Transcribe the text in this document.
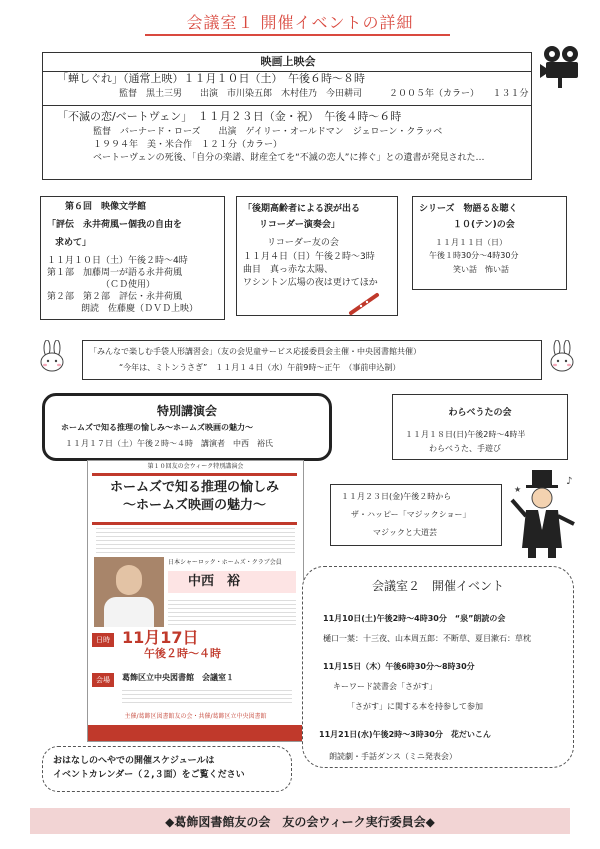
会議室１ 開催イベントの詳細
映画上映会
「蝉しぐれ」（通常上映）１１月１０日（土）　午後６時～８時
監督　黒土三男　　出演　市川染五郎　木村佳乃　今田耕司　　　２００５年（カラー）　　１３１分
「不滅の恋/ベートヴェン」　１１月２３日（金・祝）　午後４時～６時
監督　バーナード・ローズ　　出演　ゲイリー・オールドマン　ジェローン・クラッベ
１９９４年　美・米合作　１２１分（カラー）
ベートーヴェンの死後、「自分の楽譜、財産全てを“不滅の恋人”に捧ぐ」との遺書が発見された…
第６回　映像文学館
「評伝　永井荷風ー個我の自由を
求めて」
１１月１０日（土）午後２時～4時
第１部　加藤周一が語る永井荷風
（ＣＤ使用）
第２部　第２部　評伝・永井荷風
朗読　佐藤慶（ＤＶＤ上映）
「後期高齢者による涙が出る
リコーダー演奏会」
リコーダー友の会
１１月４日（日）午後２時～3時
曲目　真っ赤な太陽、
ワシントン広場の夜は更けてほか
シリーズ　物語る＆聴く
１０(テン)の会
１１月１１日（日）
午後１時30分～4時30分
笑い話　怖い話
「みんなで楽しむ手袋人形講習会」（友の会児童サービス応援委員会主催・中央図書館共催）
“今年は、ミトンうさぎ”　１１月１４日（水）午前9時～正午　（事前申込制）
特別講演会
ホームズで知る推理の愉しみ～ホームズ映画の魅力～
１１月１７日（土）午後２時～４時　講演者　中西　裕氏
第１０回友の会ウィーク特別講演会
ホームズで知る推理の愉しみ
～ホームズ映画の魅力～
日本シャーロック・ホームズ・クラブ会員
中西　裕
日時 11月17日
午後２時～４時
会場	葛飾区立中央図書館　会議室１
主催/葛飾区図書館友の会・共催/葛飾区立中央図書館
わらべうたの会
１１月１８日(日)午後2時～4時半
わらべうた、手遊び
１１月２３日(金)午後２時から
ザ・ハッピー「マジックショー」
マジックと大道芸
♪
★
会議室２　開催イベント
11月10日(土)午後2時～4時30分　“泉”朗読の会
樋口一葉：十三夜、山本周五郎：不断草、夏目漱石：草枕
11月15日（木）午後6時30分～8時30分
キーワード読書会「さがす」
「さがす」に関する本を持参して参加
11月21日(水)午後2時～3時30分　花だいこん
朗読劇・手話ダンス（ミニ発表会）
おはなしのへやでの開催スケジュールは
イベントカレンダー（２,３面）をご覧ください
◆葛飾図書館友の会　友の会ウィーク実行委員会◆
